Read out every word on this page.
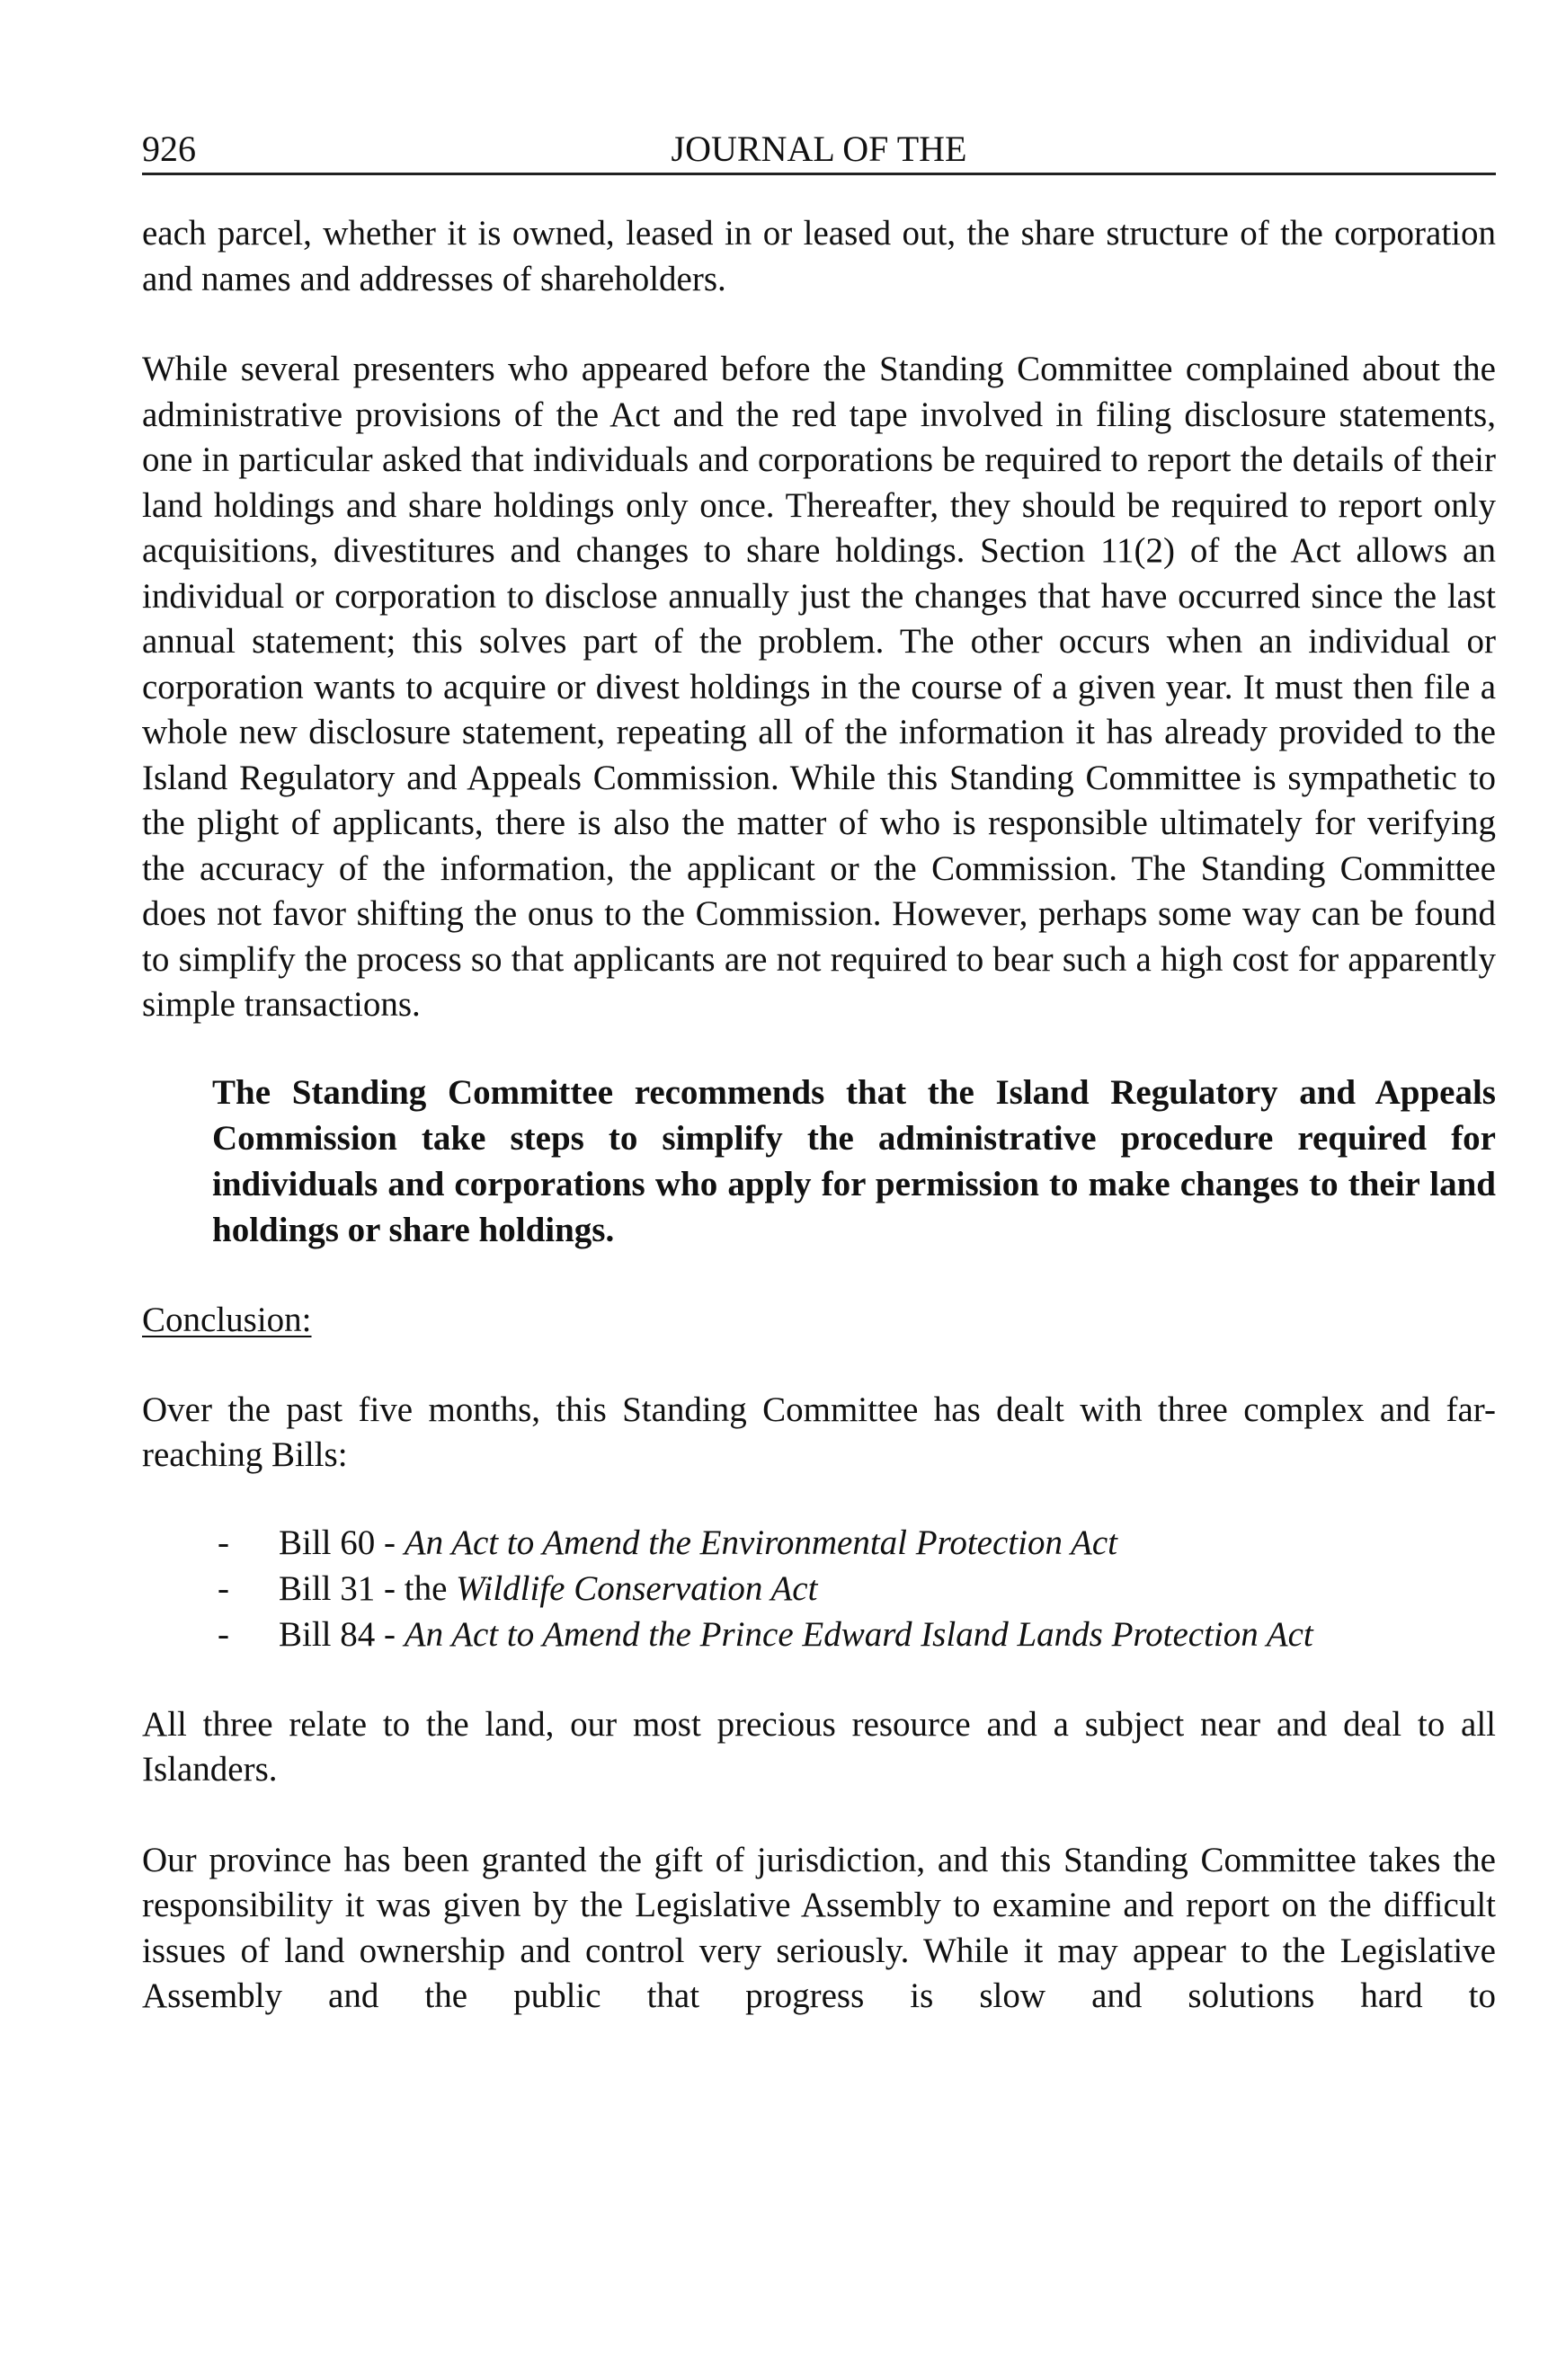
926	JOURNAL OF THE

each parcel, whether it is owned, leased in or leased out, the share structure of the corporation and names and addresses of shareholders.

While several presenters who appeared before the Standing Committee complained about the administrative provisions of the Act and the red tape involved in filing disclosure statements, one in particular asked that individuals and corporations be required to report the details of their land holdings and share holdings only once. Thereafter, they should be required to report only acquisitions, divestitures and changes to share holdings. Section 11(2) of the Act allows an individual or corporation to disclose annually just the changes that have occurred since the last annual statement; this solves part of the problem. The other occurs when an individual or corporation wants to acquire or divest holdings in the course of a given year. It must then file a whole new disclosure statement, repeating all of the information it has already provided to the Island Regulatory and Appeals Commission. While this Standing Committee is sympathetic to the plight of applicants, there is also the matter of who is responsible ultimately for verifying the accuracy of the information, the applicant or the Commission. The Standing Committee does not favor shifting the onus to the Commission. However, perhaps some way can be found to simplify the process so that applicants are not required to bear such a high cost for apparently simple transactions.

The Standing Committee recommends that the Island Regulatory and Appeals Commission take steps to simplify the administrative procedure required for individuals and corporations who apply for permission to make changes to their land holdings or share holdings.

Conclusion:

Over the past five months, this Standing Committee has dealt with three complex and far-reaching Bills:

- Bill 60 - An Act to Amend the Environmental Protection Act
- Bill 31 - the Wildlife Conservation Act
- Bill 84 - An Act to Amend the Prince Edward Island Lands Protection Act

All three relate to the land, our most precious resource and a subject near and deal to all Islanders.

Our province has been granted the gift of jurisdiction, and this Standing Committee takes the responsibility it was given by the Legislative Assembly to examine and report on the difficult issues of land ownership and control very seriously. While it may appear to the Legislative Assembly and the public that progress is slow and solutions hard to
